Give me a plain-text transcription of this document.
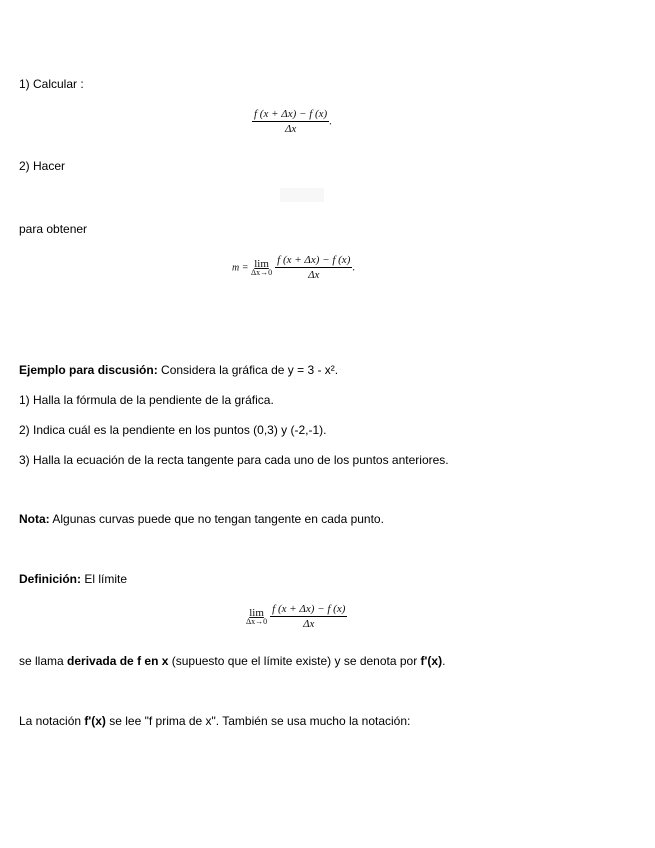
1) Calcular :
$\frac{f (x + \Delta x) - f (x)}{\Delta x}$ .
2) Hacer
para obtener
m = lim
Δx→0
$\frac{f (x + \Delta x) - f (x)}{\Delta x}$ .
Ejemplo para discusión: Considera la gráfica de y = 3 - x².
1) Halla la fórmula de la pendiente de la gráfica.
2) Indica cuál es la pendiente en los puntos (0,3) y (-2,-1).
3) Halla la ecuación de la recta tangente para cada uno de los puntos anteriores.
Nota: Algunas curvas puede que no tengan tangente en cada punto.
Definición: El límite
lim
Δx→0
$\frac{f (x + \Delta x) - f (x)}{\Delta x}$
se llama derivada de f en x (supuesto que el límite existe) y se denota por f'(x).
La notación f'(x) se lee "f prima de x". También se usa mucho la notación:
